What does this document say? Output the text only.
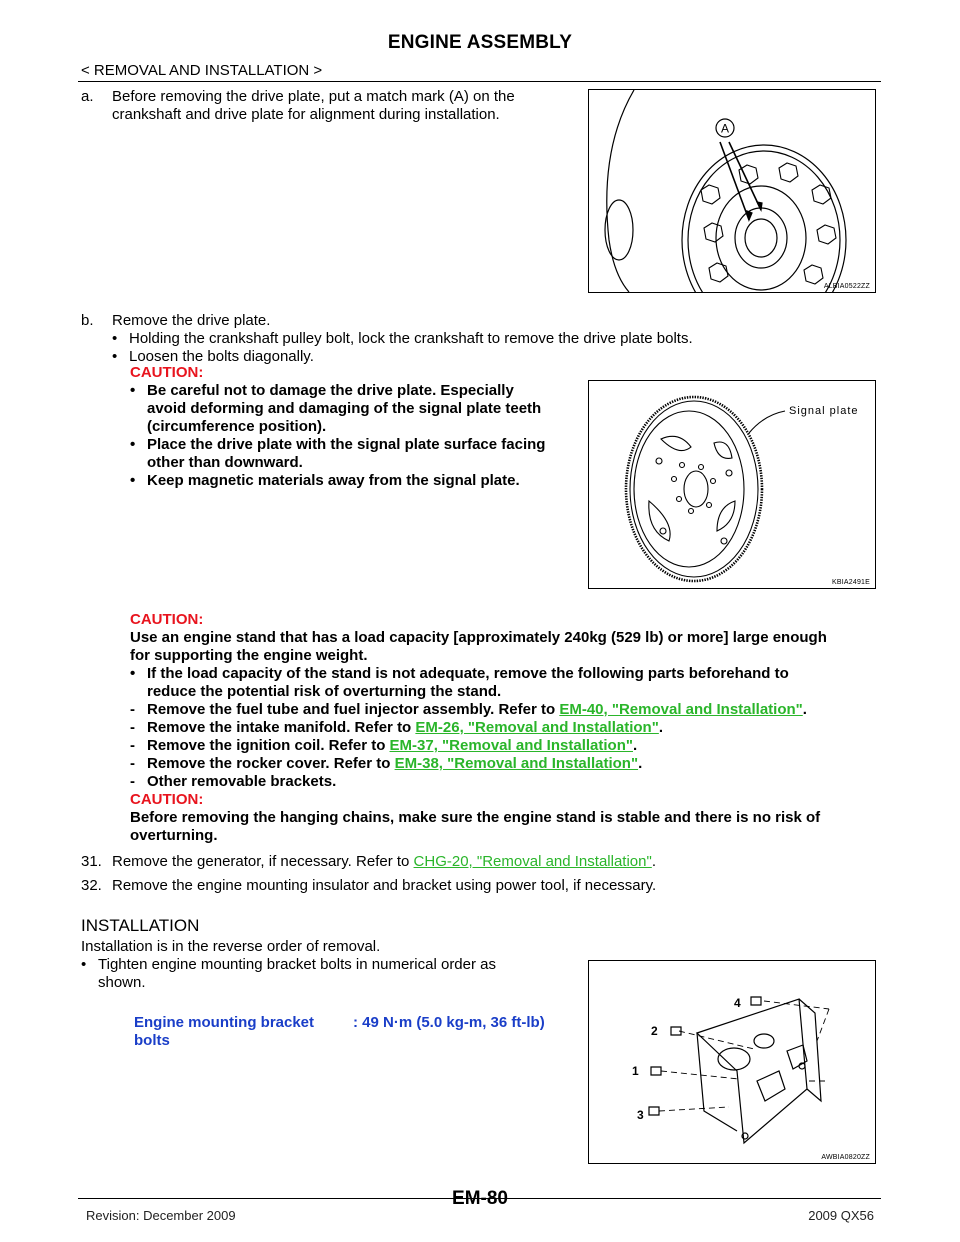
ENGINE ASSEMBLY
< REMOVAL AND INSTALLATION >
a. Before removing the drive plate, put a match mark (A) on the
crankshaft and drive plate for alignment during installation.
A
ALBIA0522ZZ
b. Remove the drive plate.
• Holding the crankshaft pulley bolt, lock the crankshaft to remove the drive plate bolts.
• Loosen the bolts diagonally.
CAUTION:
• Be careful not to damage the drive plate. Especially
avoid deforming and damaging of the signal plate teeth
(circumference position).
• Place the drive plate with the signal plate surface facing
other than downward.
• Keep magnetic materials away from the signal plate.
Signal plate
KBIA2491E
CAUTION:
Use an engine stand that has a load capacity [approximately 240kg (529 lb) or more] large enough
for supporting the engine weight.
• If the load capacity of the stand is not adequate, remove the following parts beforehand to
reduce the potential risk of overturning the stand.
- Remove the fuel tube and fuel injector assembly. Refer to EM-40, "Removal and Installation".
- Remove the intake manifold. Refer to EM-26, "Removal and Installation".
- Remove the ignition coil. Refer to EM-37, "Removal and Installation".
- Remove the rocker cover. Refer to EM-38, "Removal and Installation".
- Other removable brackets.
CAUTION:
Before removing the hanging chains, make sure the engine stand is stable and there is no risk of
overturning.
31. Remove the generator, if necessary. Refer to CHG-20, "Removal and Installation".
32. Remove the engine mounting insulator and bracket using power tool, if necessary.
INSTALLATION
Installation is in the reverse order of removal.
• Tighten engine mounting bracket bolts in numerical order as
shown.
Engine mounting bracket
bolts
: 49 N·m (5.0 kg-m, 36 ft-lb)
4
2
1
3
AWBIA0820ZZ
EM-80
Revision: December 2009	2009 QX56
